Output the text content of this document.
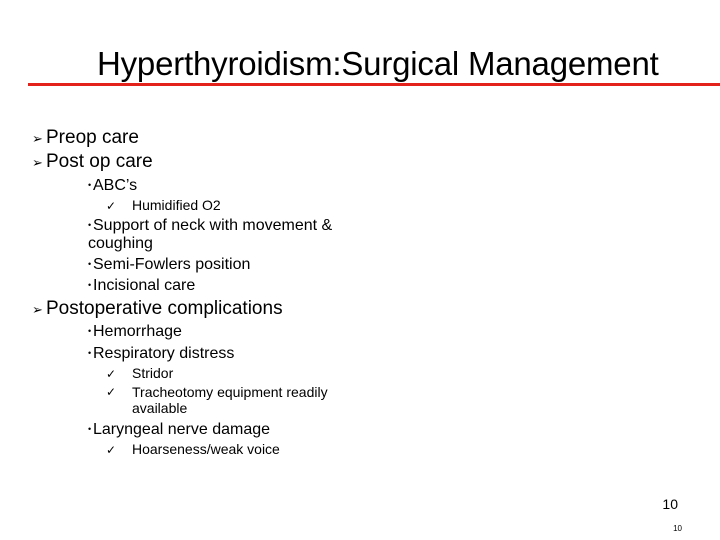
Hyperthyroidism:Surgical Management
➢ Preop care
➢ Post op care
• ABC’s
✓ Humidified O2
• Support of neck with movement & coughing
• Semi-Fowlers position
• Incisional care
➢ Postoperative complications
• Hemorrhage
• Respiratory distress
✓ Stridor
✓	Tracheotomy equipment readily available
• Laryngeal nerve damage
✓ Hoarseness/weak voice
10
10
